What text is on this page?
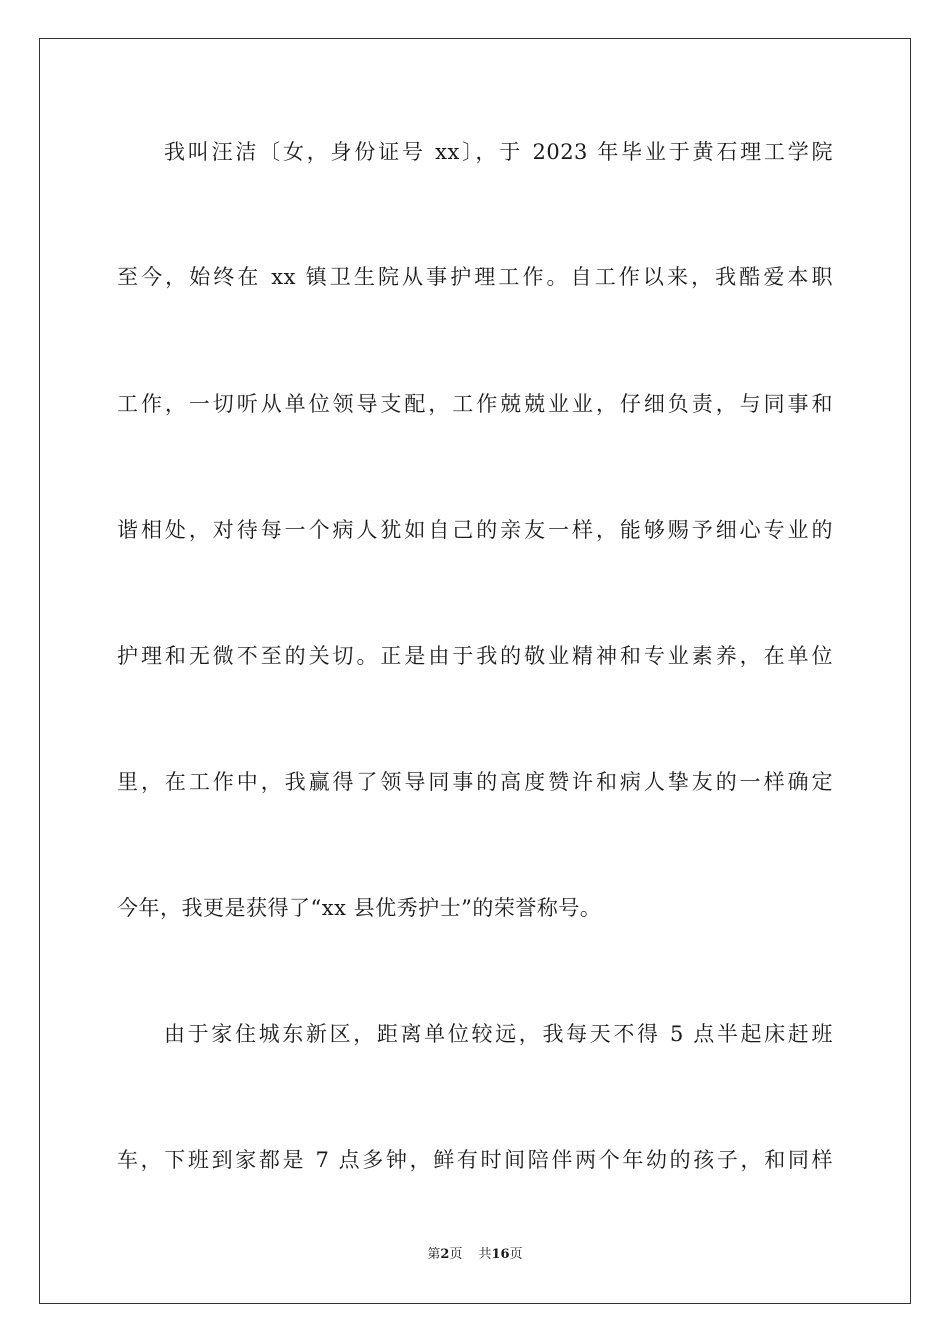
我叫汪洁〔女，身份证号 xx〕，于 2023 年毕业于黄石理工学院
至今，始终在 xx 镇卫生院从事护理工作。自工作以来，我酷爱本职
工作，一切听从单位领导支配，工作兢兢业业，仔细负责，与同事和
谐相处，对待每一个病人犹如自己的亲友一样，能够赐予细心专业的
护理和无微不至的关切。正是由于我的敬业精神和专业素养，在单位
里，在工作中，我赢得了领导同事的高度赞许和病人挚友的一样确定
今年，我更是获得了“xx 县优秀护士”的荣誉称号。
由于家住城东新区，距离单位较远，我每天不得 5 点半起床赶班
车，下班到家都是 7 点多钟，鲜有时间陪伴两个年幼的孩子，和同样
第2页 共16页
